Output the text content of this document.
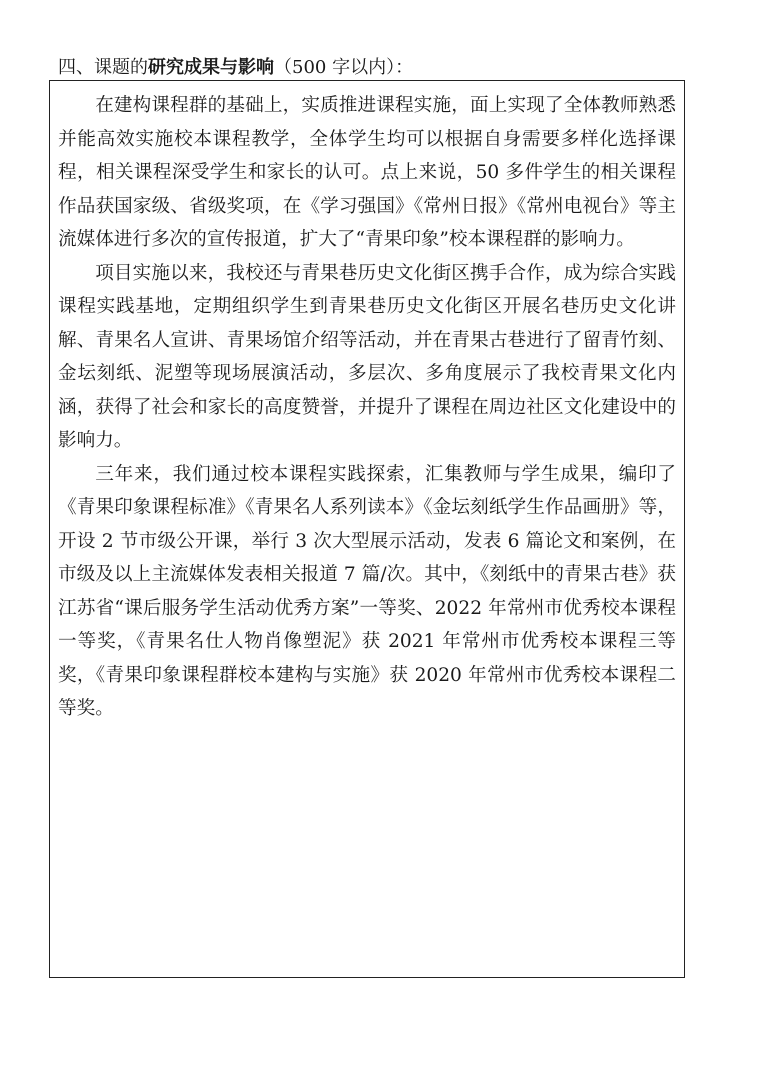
四、课题的研究成果与影响（500 字以内）：

在建构课程群的基础上，实质推进课程实施，面上实现了全体教师熟悉并能高效实施校本课程教学，全体学生均可以根据自身需要多样化选择课程，相关课程深受学生和家长的认可。点上来说，50 多件学生的相关课程作品获国家级、省级奖项，在《学习强国》《常州日报》《常州电视台》等主流媒体进行多次的宣传报道，扩大了“青果印象”校本课程群的影响力。

项目实施以来，我校还与青果巷历史文化街区携手合作，成为综合实践课程实践基地，定期组织学生到青果巷历史文化街区开展名巷历史文化讲解、青果名人宣讲、青果场馆介绍等活动，并在青果古巷进行了留青竹刻、金坛刻纸、泥塑等现场展演活动，多层次、多角度展示了我校青果文化内涵，获得了社会和家长的高度赞誉，并提升了课程在周边社区文化建设中的影响力。

三年来，我们通过校本课程实践探索，汇集教师与学生成果，编印了《青果印象课程标准》《青果名人系列读本》《金坛刻纸学生作品画册》等，开设 2 节市级公开课，举行 3 次大型展示活动，发表 6 篇论文和案例，在市级及以上主流媒体发表相关报道 7 篇/次。其中，《刻纸中的青果古巷》获江苏省“课后服务学生活动优秀方案”一等奖、2022 年常州市优秀校本课程一等奖，《青果名仕人物肖像塑泥》获 2021 年常州市优秀校本课程三等奖，《青果印象课程群校本建构与实施》获 2020 年常州市优秀校本课程二等奖。
